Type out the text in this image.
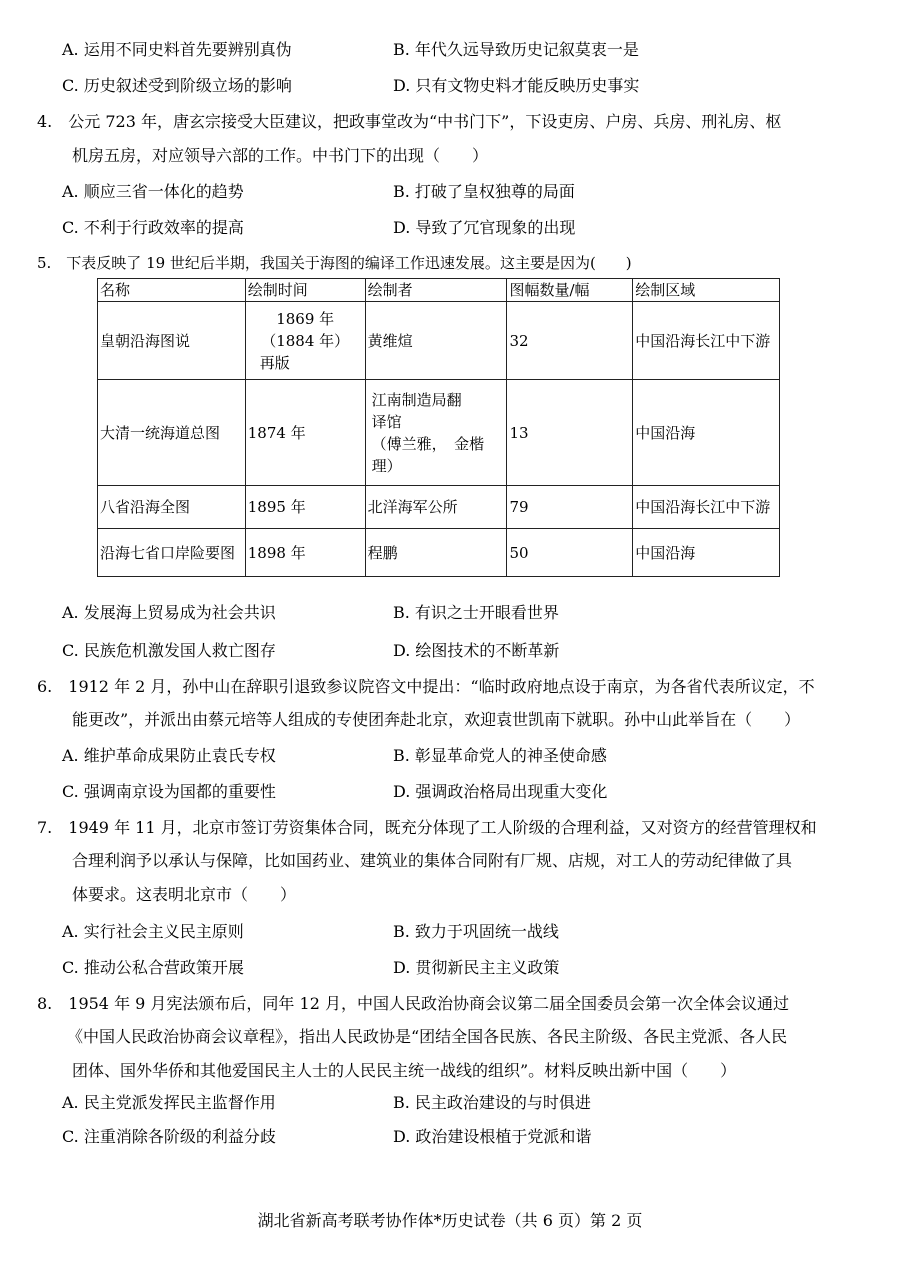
A. 运用不同史料首先要辨别真伪	B. 年代久远导致历史记叙莫衷一是
C. 历史叙述受到阶级立场的影响	D. 只有文物史料才能反映历史事实
4.　公元 723 年，唐玄宗接受大臣建议，把政事堂改为“中书门下”，下设吏房、户房、兵房、刑礼房、枢
机房五房，对应领导六部的工作。中书门下的出现（　　）
A. 顺应三省一体化的趋势	B. 打破了皇权独尊的局面
C. 不利于行政效率的提高	D. 导致了冗官现象的出现
5.　下表反映了 19 世纪后半期，我国关于海图的编译工作迅速发展。这主要是因为(　　)
名称	绘制时间	绘制者	图幅数量/幅	绘制区域
皇朝沿海图说	1869 年
（1884 年）
再版	黄维煊	32	中国沿海长江中下游
大清一统海道总图	1874 年	江南制造局翻
译馆
（傅兰雅，　金楷
理）	13	中国沿海
八省沿海全图	1895 年	北洋海军公所	79	中国沿海长江中下游
沿海七省口岸险要图	1898 年	程鹏	50	中国沿海
A. 发展海上贸易成为社会共识	B. 有识之士开眼看世界
C. 民族危机激发国人救亡图存	D. 绘图技术的不断革新
6.　1912 年 2 月，孙中山在辞职引退致参议院咨文中提出：“临时政府地点设于南京，为各省代表所议定，不
能更改”，并派出由蔡元培等人组成的专使团奔赴北京，欢迎袁世凯南下就职。孙中山此举旨在（　　）
A. 维护革命成果防止袁氏专权	B. 彰显革命党人的神圣使命感
C. 强调南京设为国都的重要性	D. 强调政治格局出现重大变化
7.　1949 年 11 月，北京市签订劳资集体合同，既充分体现了工人阶级的合理利益，又对资方的经营管理权和
合理利润予以承认与保障，比如国药业、建筑业的集体合同附有厂规、店规，对工人的劳动纪律做了具
体要求。这表明北京市（　　）
A. 实行社会主义民主原则	B. 致力于巩固统一战线
C. 推动公私合营政策开展	D. 贯彻新民主主义政策
8.　1954 年 9 月宪法颁布后，同年 12 月，中国人民政治协商会议第二届全国委员会第一次全体会议通过
《中国人民政治协商会议章程》，指出人民政协是“团结全国各民族、各民主阶级、各民主党派、各人民
团体、国外华侨和其他爱国民主人士的人民民主统一战线的组织”。材料反映出新中国（　　）
A. 民主党派发挥民主监督作用	B. 民主政治建设的与时俱进
C. 注重消除各阶级的利益分歧	D. 政治建设根植于党派和谐
湖北省新高考联考协作体*历史试卷（共 6 页）第 2 页
